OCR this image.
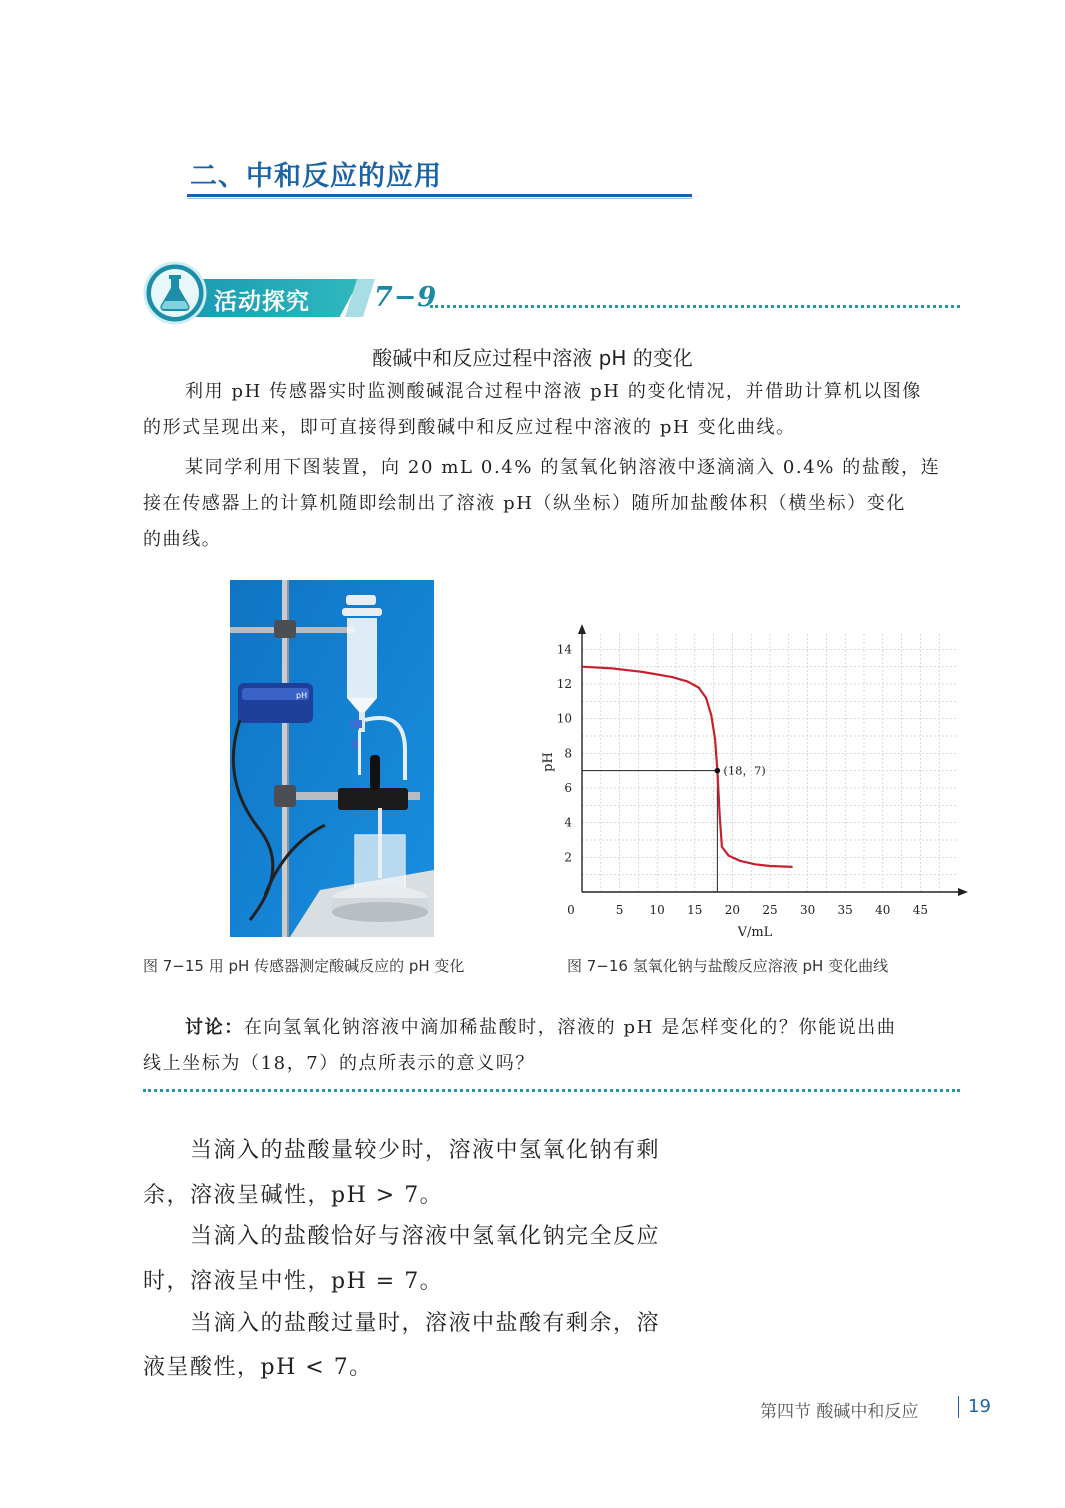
二、中和反应的应用
活动探究 7−9
酸碱中和反应过程中溶液 pH 的变化
利用 pH 传感器实时监测酸碱混合过程中溶液 pH 的变化情况，并借助计算机以图像
的形式呈现出来，即可直接得到酸碱中和反应过程中溶液的 pH 变化曲线。
某同学利用下图装置，向 20 mL 0.4% 的氢氧化钠溶液中逐滴滴入 0.4% 的盐酸，连
接在传感器上的计算机随即绘制出了溶液 pH（纵坐标）随所加盐酸体积（横坐标）变化
的曲线。
pH
0	5 10 15 20 25 30 35 40 45
2
4
6
8
10
12
14
(18，7)
pH
V/mL
图 7−15 用 pH 传感器测定酸碱反应的 pH 变化	图 7−16 氢氧化钠与盐酸反应溶液 pH 变化曲线
讨论：在向氢氧化钠溶液中滴加稀盐酸时，溶液的 pH 是怎样变化的？你能说出曲
线上坐标为（18，7）的点所表示的意义吗？
当滴入的盐酸量较少时，溶液中氢氧化钠有剩
余，溶液呈碱性，pH > 7。
当滴入的盐酸恰好与溶液中氢氧化钠完全反应
时，溶液呈中性，pH = 7。
当滴入的盐酸过量时，溶液中盐酸有剩余，溶
液呈酸性，pH < 7。
第四节 酸碱中和反应	19
